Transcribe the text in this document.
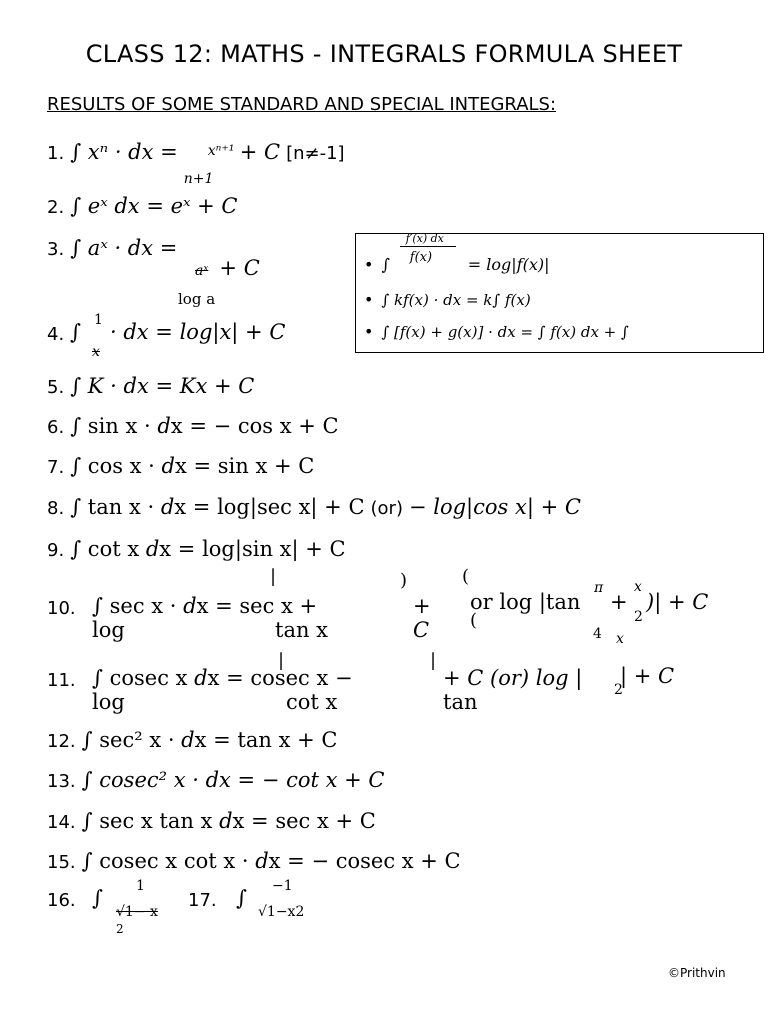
CLASS 12: MATHS - INTEGRALS FORMULA SHEET
RESULTS OF SOME STANDARD AND SPECIAL INTEGRALS:
1. ∫ xⁿ · 𝑑x = xⁿ⁺¹
n+1
+ C [n≠-1]
2. ∫ eˣ 𝑑x = eˣ + C
3. ∫ aˣ · 𝑑x =
aˣ + C
log a
4. ∫ 1
x
· 𝑑x = log|x| + C
5. ∫ K · 𝑑x = Kx + C
6. ∫ sin x · 𝑑x = − cos x + C
7. ∫ cos x · 𝑑x = sin x + C
8. ∫ tan x · 𝑑x = log|sec x| + C (or) − log|cos x| + C
9. ∫ cot x 𝑑x = log|sin x| + C
10. ∫ sec x · 𝑑x = sec x +
log	tan x
|	)	(
+
C
or log |tan
(
π
4
+
x
2
x
)| + C
11. ∫ cosec x 𝑑x = cosec x −
log	cot x
|	|
+ C (or) log |
tan	2
| + C
12. ∫ sec² x · 𝑑x = tan x + C
13. ∫ cosec² x · 𝑑x = − cot x + C
14. ∫ sec x tan x 𝑑x = sec x + C
15. ∫ cosec x cot x · 𝑑x = − cosec x + C
16. ∫ 1
√1− x
2
17. ∫ −1
√1−x2
• ∫
f′(x) dx
f(x) = log|f(x)|
• ∫ kf(x) · 𝑑x = k∫ f(x)
• ∫ [f(x) + g(x)] · 𝑑x = ∫ f(x) 𝑑x + ∫
©Prithvin
